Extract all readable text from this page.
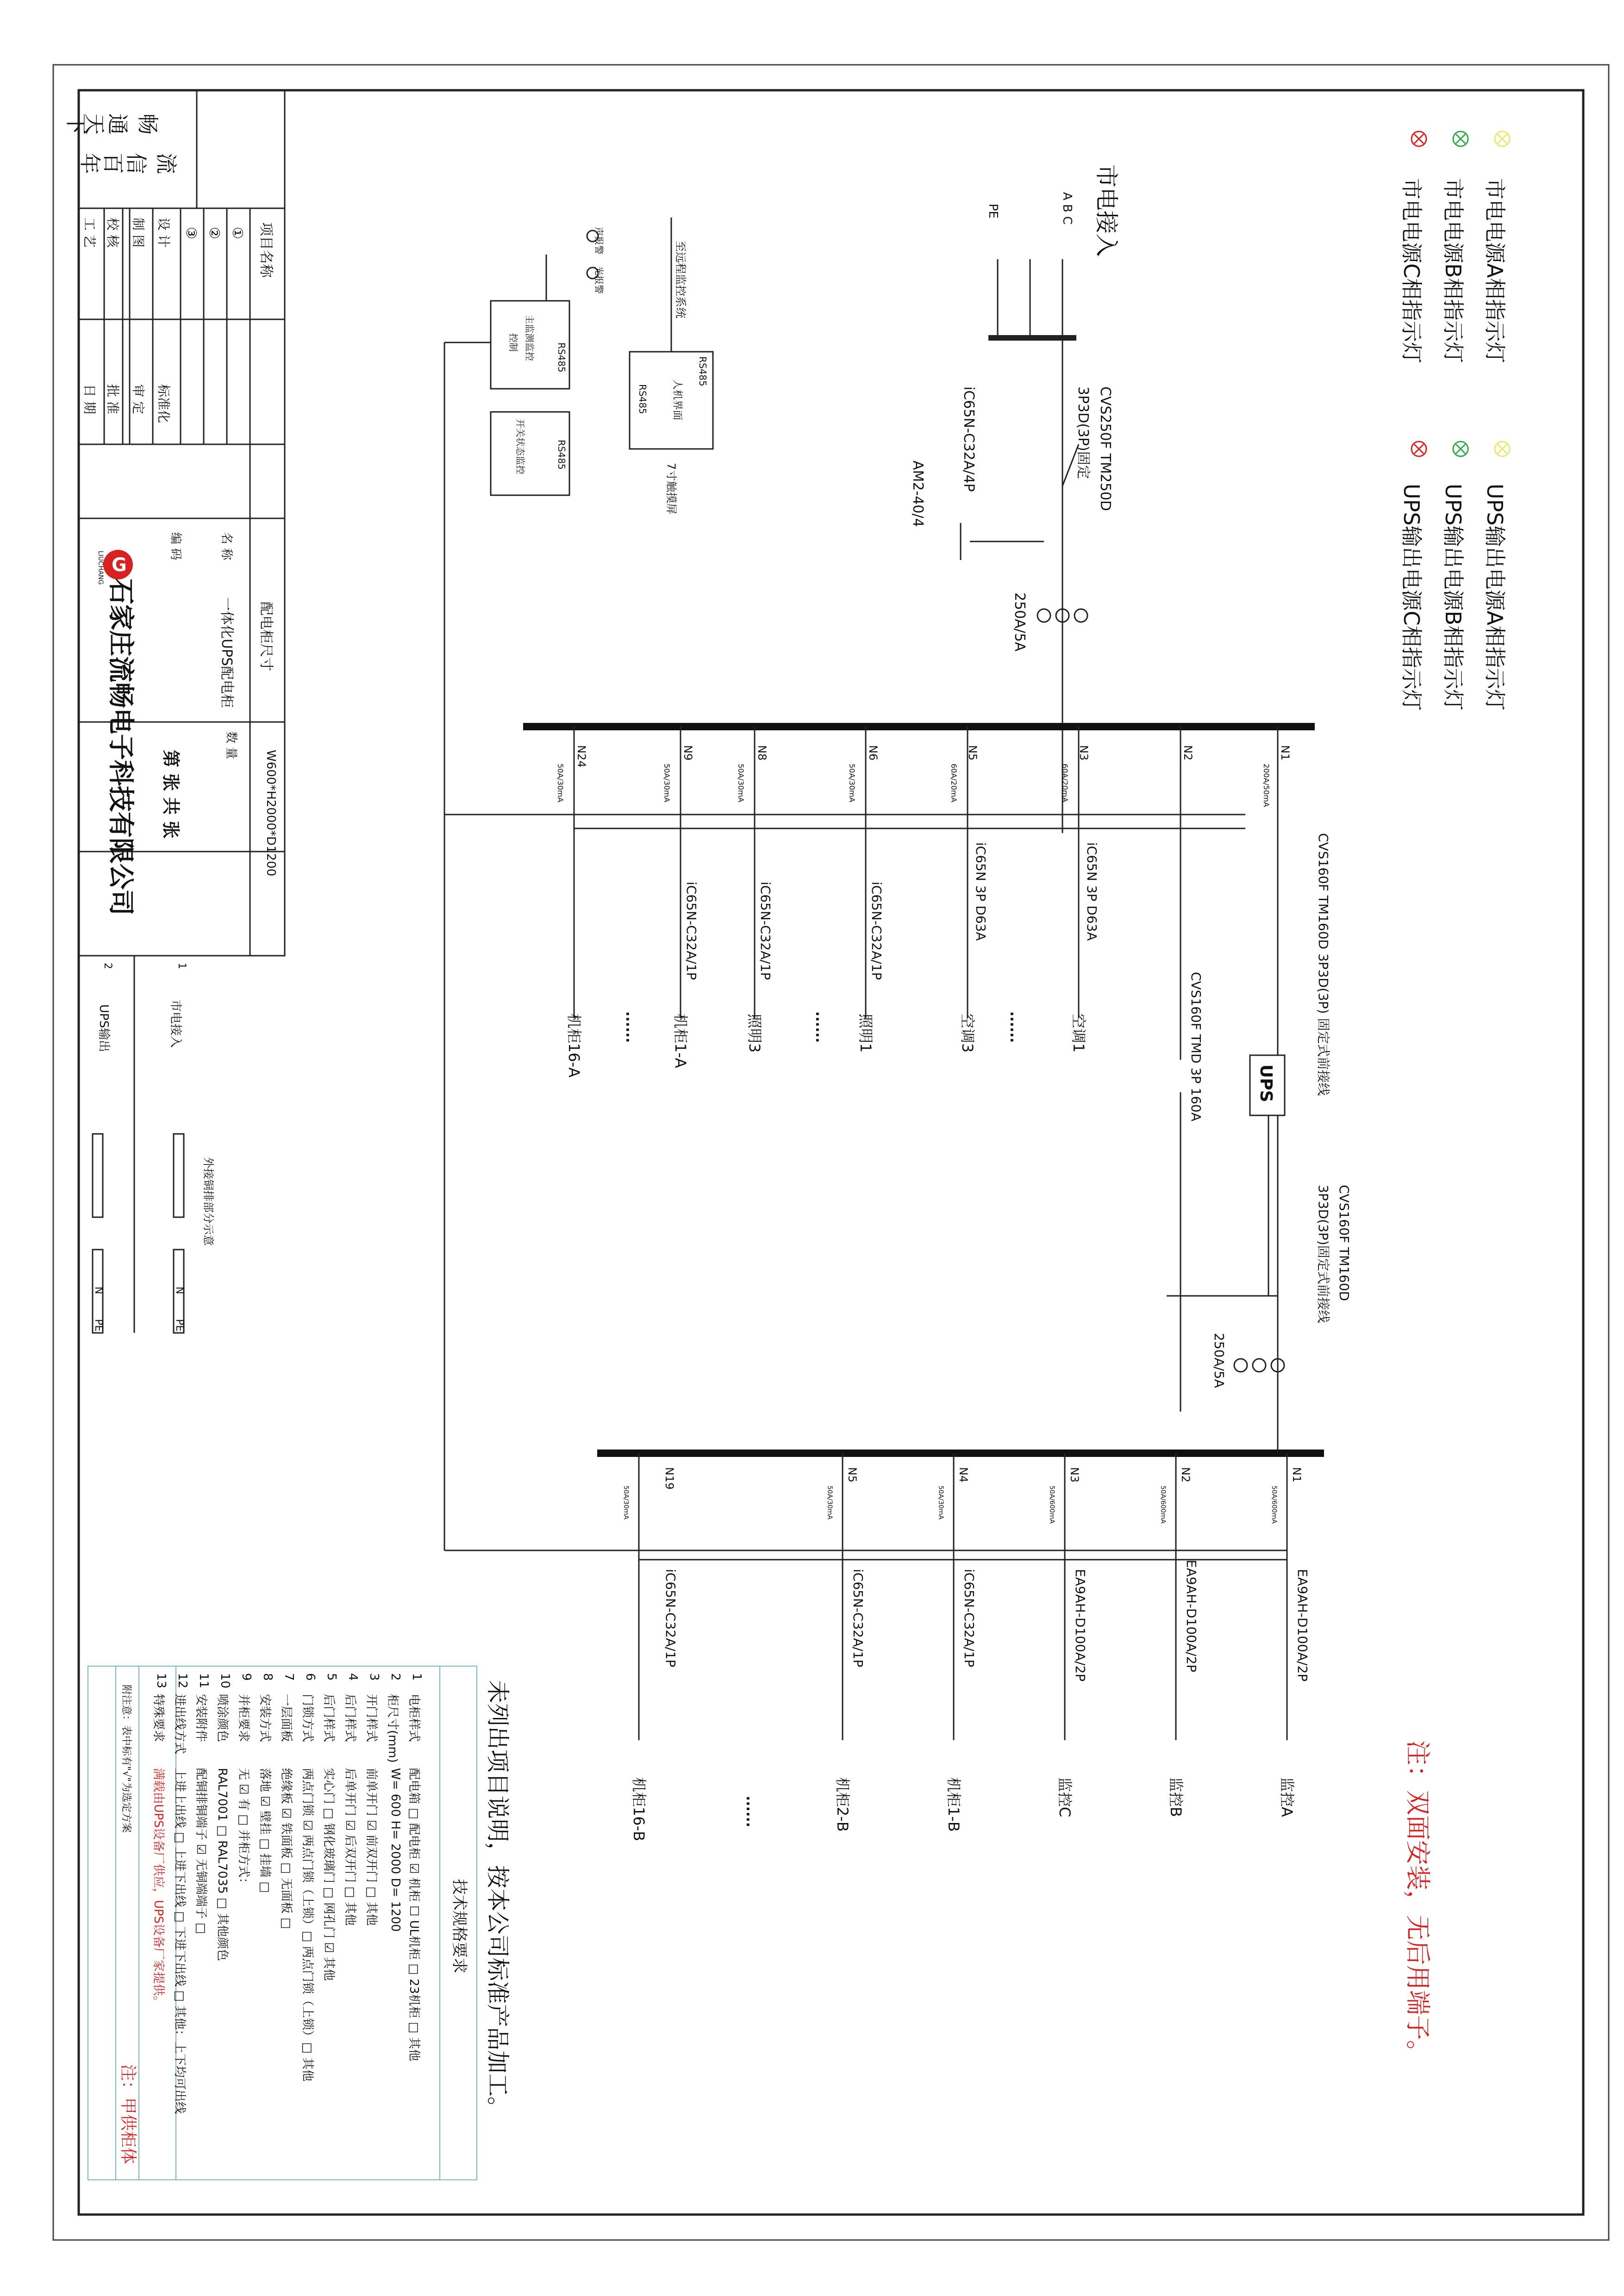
G
流
畅
信
通
百
天
年
下
项目名称
①
②
③
设 计
制 图
校 核
工 艺
标准化
审 定
批 准
日 期
名 称
编 码
LIUCHANG
配电柜尺寸
W600*H2000*D1200
一体化UPS配电柜
数 量
第 张 共 张
石家庄流畅电子科技有限公司
1
2
市电接入
UPS输出
外接铜排部分示意
N
PE
N
PE
市电电源A相指示灯
市电电源B相指示灯
市电电源C相指示灯
UPS输出电源A相指示灯
UPS输出电源B相指示灯
UPS输出电源C相指示灯
市电接入
A B C
PE
CVS250F TM250D
3P3D(3P)固定
iC65N-C32A/4P
AM2-40/4
250A/5A
至远程监控系统
人机界面
RS485
RS485
RS485
RS485
7寸触摸屏
主监测监控
控制
开关状态监控
声报警
光报警
N1
200A/50mA
CVS160F TM160D 3P3D(3P) 固定式前接线
N2
CVS160F TMD 3P 160A
N3
60A/20mA
iC65N 3P D63A
空调1
N5
60A/20mA
iC65N 3P D63A
空调3 ......
N6
50A/30mA
iC65N-C32A/1P
照明1
N8
50A/30mA
iC65N-C32A/1P
照明3	......
N9
50A/30mA
iC65N-C32A/1P
机柜1-A
......
N24
50A/30mA
机柜16-A
UPS
CVS160F TM160D
3P3D(3P)固定式前接线
250A/5A
N1
50A/600mA
EA9AH-D100A/2P
监控A
N2
50A/600mA
EA9AH-D100A/2P
监控B
N3
50A/600mA
EA9AH-D100A/2P
监控C
N4
50A/30mA
iC65N-C32A/1P
机柜1-B
N5
50A/30mA
iC65N-C32A/1P
机柜2-B
......
N19
50A/30mA
iC65N-C32A/1P
机柜16-B	注：双面安装，无后用端子。
未列出项目说明，按本公司标准产品加工。
注：甲供柜体
技术规格要求
附注意：表中标有"√"为选定方案
1
电柜样式
配电箱 □ 配电柜 ☑ 机柜 ☐ UL机柜 □ 23机柜 □ 其他
2
柜尺寸(mm)
W= 600 H= 2000 D= 1200
3
开门样式
前单开门 ☑ 前双开门 □ 其他
4
后门样式
后单开门 ☑ 后双开门 □ 其他
5
后门样式
实心门 □ 钢化玻璃门 □ 网孔门 ☑ 其他
6
门锁方式
两点门锁 ☑ 两点门锁（上锁）□ 两点门锁（上锁）□ 其他
7
一层面板
绝缘板 ☑ 铁面板 □ 无面板 □
8
安装方式
落地 ☑ 壁挂 □ 挂墙 □
9
并柜要求
无 ☑ 有 □ 并柜方式：
10
喷涂颜色
RAL7001 □ RAL7035 □ 其他颜色
11
安装附件
配铜排铜端子 ☑ 无铜端端子 □
12
进出线方式
上进上出线 □ 上进下出线 □ 下进下出线 □ 其他：上下均可出线
13
特殊要求
满载由UPS设备厂供应，UPS设备厂家提供。
